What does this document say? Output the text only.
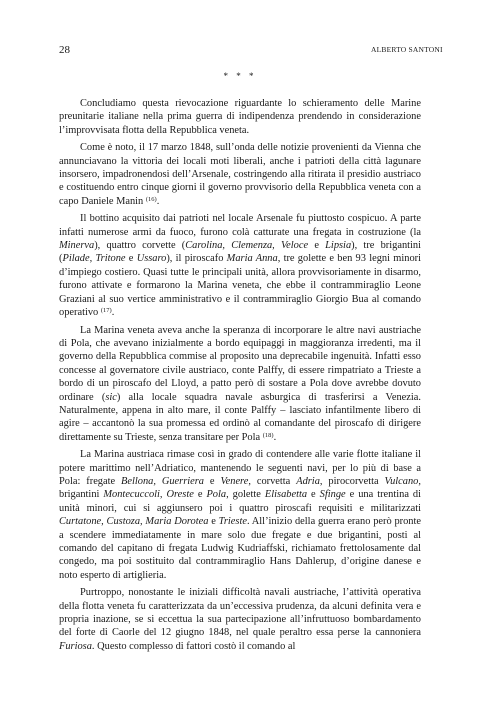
28	ALBERTO SANTONI
* * *

Concludiamo questa rievocazione riguardante lo schieramento delle Marine preunitarie italiane nella prima guerra di indipendenza prendendo in considerazione l’improvvisata flotta della Repubblica veneta.

Come è noto, il 17 marzo 1848, sull’onda delle notizie provenienti da Vienna che annunciavano la vittoria dei locali moti liberali, anche i patrioti della città lagunare insorsero, impadronendosi dell’Arsenale, costringendo alla ritirata il presidio austriaco e costituendo entro cinque giorni il governo provvisorio della Repubblica veneta con a capo Daniele Manin $^{(16)}$.

Il bottino acquisito dai patrioti nel locale Arsenale fu piuttosto cospicuo. A parte infatti numerose armi da fuoco, furono colà catturate una fregata in costruzione (la Minerva), quattro corvette (Carolina, Clemenza, Veloce e Lipsia), tre brigantini (Pilade, Tritone e Ussaro), il piroscafo Maria Anna, tre golette e ben 93 legni minori d’impiego costiero. Quasi tutte le principali unità, allora provvisoriamente in disarmo, furono attivate e formarono la Marina veneta, che ebbe il contrammiraglio Leone Graziani al suo vertice amministrativo e il contrammiraglio Giorgio Bua al comando operativo $^{(17)}$.

La Marina veneta aveva anche la speranza di incorporare le altre navi austriache di Pola, che avevano inizialmente a bordo equipaggi in maggioranza irredenti, ma il governo della Repubblica commise al proposito una deprecabile ingenuità. Infatti esso concesse al governatore civile austriaco, conte Palffy, di essere rimpatriato a Trieste a bordo di un piroscafo del Lloyd, a patto però di sostare a Pola dove avrebbe dovuto ordinare (sic) alla locale squadra navale asburgica di trasferirsi a Venezia. Naturalmente, appena in alto mare, il conte Palffy – lasciato infantilmente libero di agire – accantonò la sua promessa ed ordinò al comandante del piroscafo di dirigere direttamente su Trieste, senza transitare per Pola $^{(18)}$.

La Marina austriaca rimase così in grado di contendere alle varie flotte italiane il potere marittimo nell’Adriatico, mantenendo le seguenti navi, per lo più di base a Pola: fregate Bellona, Guerriera e Venere, corvetta Adria, pirocorvetta Vulcano, brigantini Montecuccoli, Oreste e Pola, golette Elisabetta e Sfinge e una trentina di unità minori, cui si aggiunsero poi i quattro piroscafi requisiti e militarizzati Curtatone, Custoza, Maria Dorotea e Trieste. All’inizio della guerra erano però pronte a scendere immediatamente in mare solo due fregate e due brigantini, posti al comando del capitano di fregata Ludwig Kudriaffski, richiamato frettolosamente dal congedo, ma poi sostituito dal contrammiraglio Hans Dahlerup, d’origine danese e noto esperto di artiglieria.

Purtroppo, nonostante le iniziali difficoltà navali austriache, l’attività operativa della flotta veneta fu caratterizzata da un’eccessiva prudenza, da alcuni definita vera e propria inazione, se si eccettua la sua partecipazione all’infruttuoso bombardamento del forte di Caorle del 12 giugno 1848, nel quale peraltro essa perse la cannoniera Furiosa. Questo complesso di fattori costò il comando al
